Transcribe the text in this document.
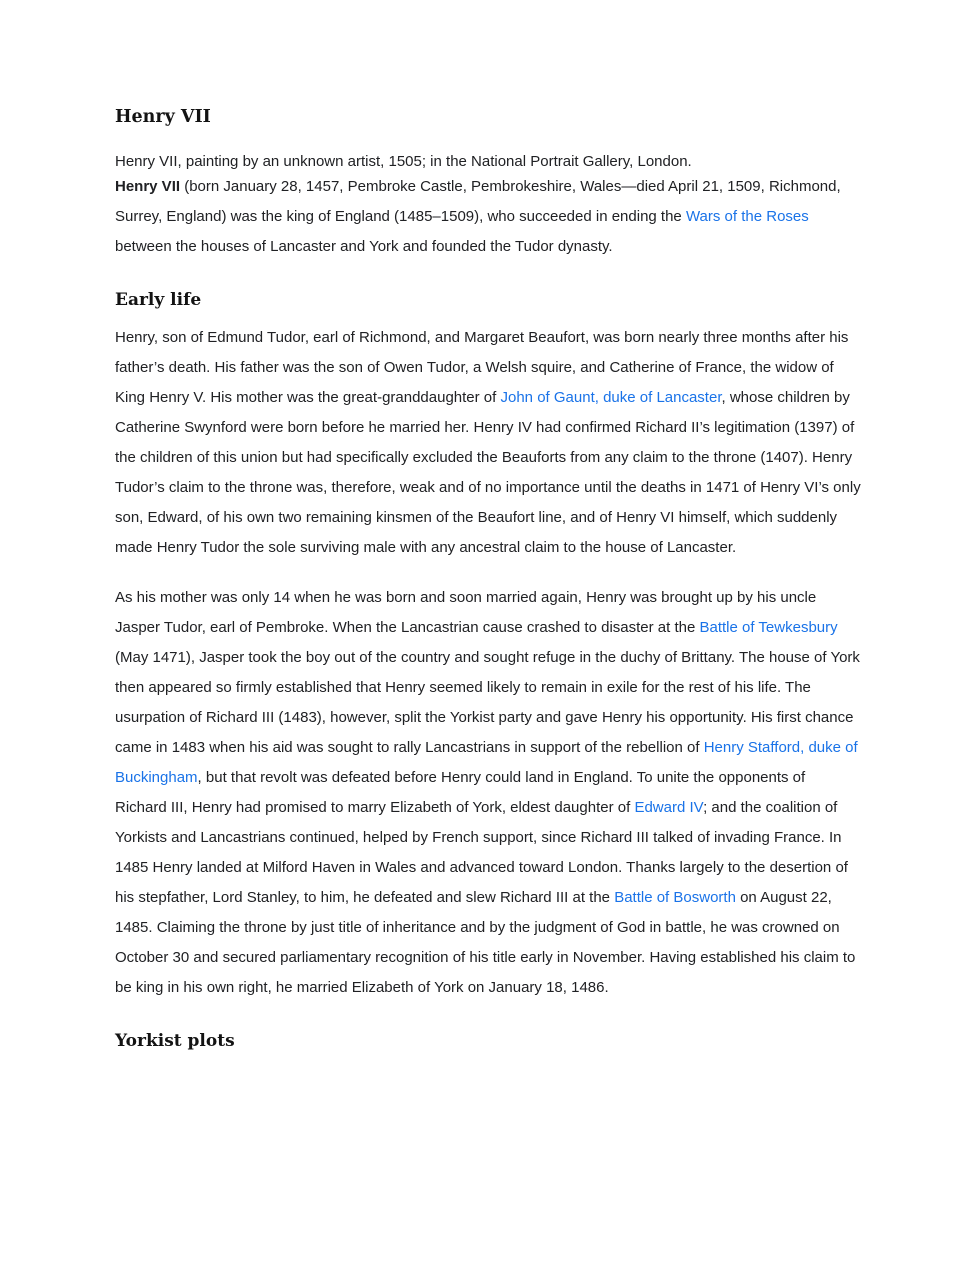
Henry VII

Henry VII, painting by an unknown artist, 1505; in the National Portrait Gallery, London.

Henry VII (born January 28, 1457, Pembroke Castle, Pembrokeshire, Wales—died April 21, 1509, Richmond, Surrey, England) was the king of England (1485–1509), who succeeded in ending the Wars of the Roses between the houses of Lancaster and York and founded the Tudor dynasty.

Early life

Henry, son of Edmund Tudor, earl of Richmond, and Margaret Beaufort, was born nearly three months after his father’s death. His father was the son of Owen Tudor, a Welsh squire, and Catherine of France, the widow of King Henry V. His mother was the great-granddaughter of John of Gaunt, duke of Lancaster, whose children by Catherine Swynford were born before he married her. Henry IV had confirmed Richard II’s legitimation (1397) of the children of this union but had specifically excluded the Beauforts from any claim to the throne (1407). Henry Tudor’s claim to the throne was, therefore, weak and of no importance until the deaths in 1471 of Henry VI’s only son, Edward, of his own two remaining kinsmen of the Beaufort line, and of Henry VI himself, which suddenly made Henry Tudor the sole surviving male with any ancestral claim to the house of Lancaster.

As his mother was only 14 when he was born and soon married again, Henry was brought up by his uncle Jasper Tudor, earl of Pembroke. When the Lancastrian cause crashed to disaster at the Battle of Tewkesbury (May 1471), Jasper took the boy out of the country and sought refuge in the duchy of Brittany. The house of York then appeared so firmly established that Henry seemed likely to remain in exile for the rest of his life. The usurpation of Richard III (1483), however, split the Yorkist party and gave Henry his opportunity. His first chance came in 1483 when his aid was sought to rally Lancastrians in support of the rebellion of Henry Stafford, duke of Buckingham, but that revolt was defeated before Henry could land in England. To unite the opponents of Richard III, Henry had promised to marry Elizabeth of York, eldest daughter of Edward IV; and the coalition of Yorkists and Lancastrians continued, helped by French support, since Richard III talked of invading France. In 1485 Henry landed at Milford Haven in Wales and advanced toward London. Thanks largely to the desertion of his stepfather, Lord Stanley, to him, he defeated and slew Richard III at the Battle of Bosworth on August 22, 1485. Claiming the throne by just title of inheritance and by the judgment of God in battle, he was crowned on October 30 and secured parliamentary recognition of his title early in November. Having established his claim to be king in his own right, he married Elizabeth of York on January 18, 1486.

Yorkist plots
